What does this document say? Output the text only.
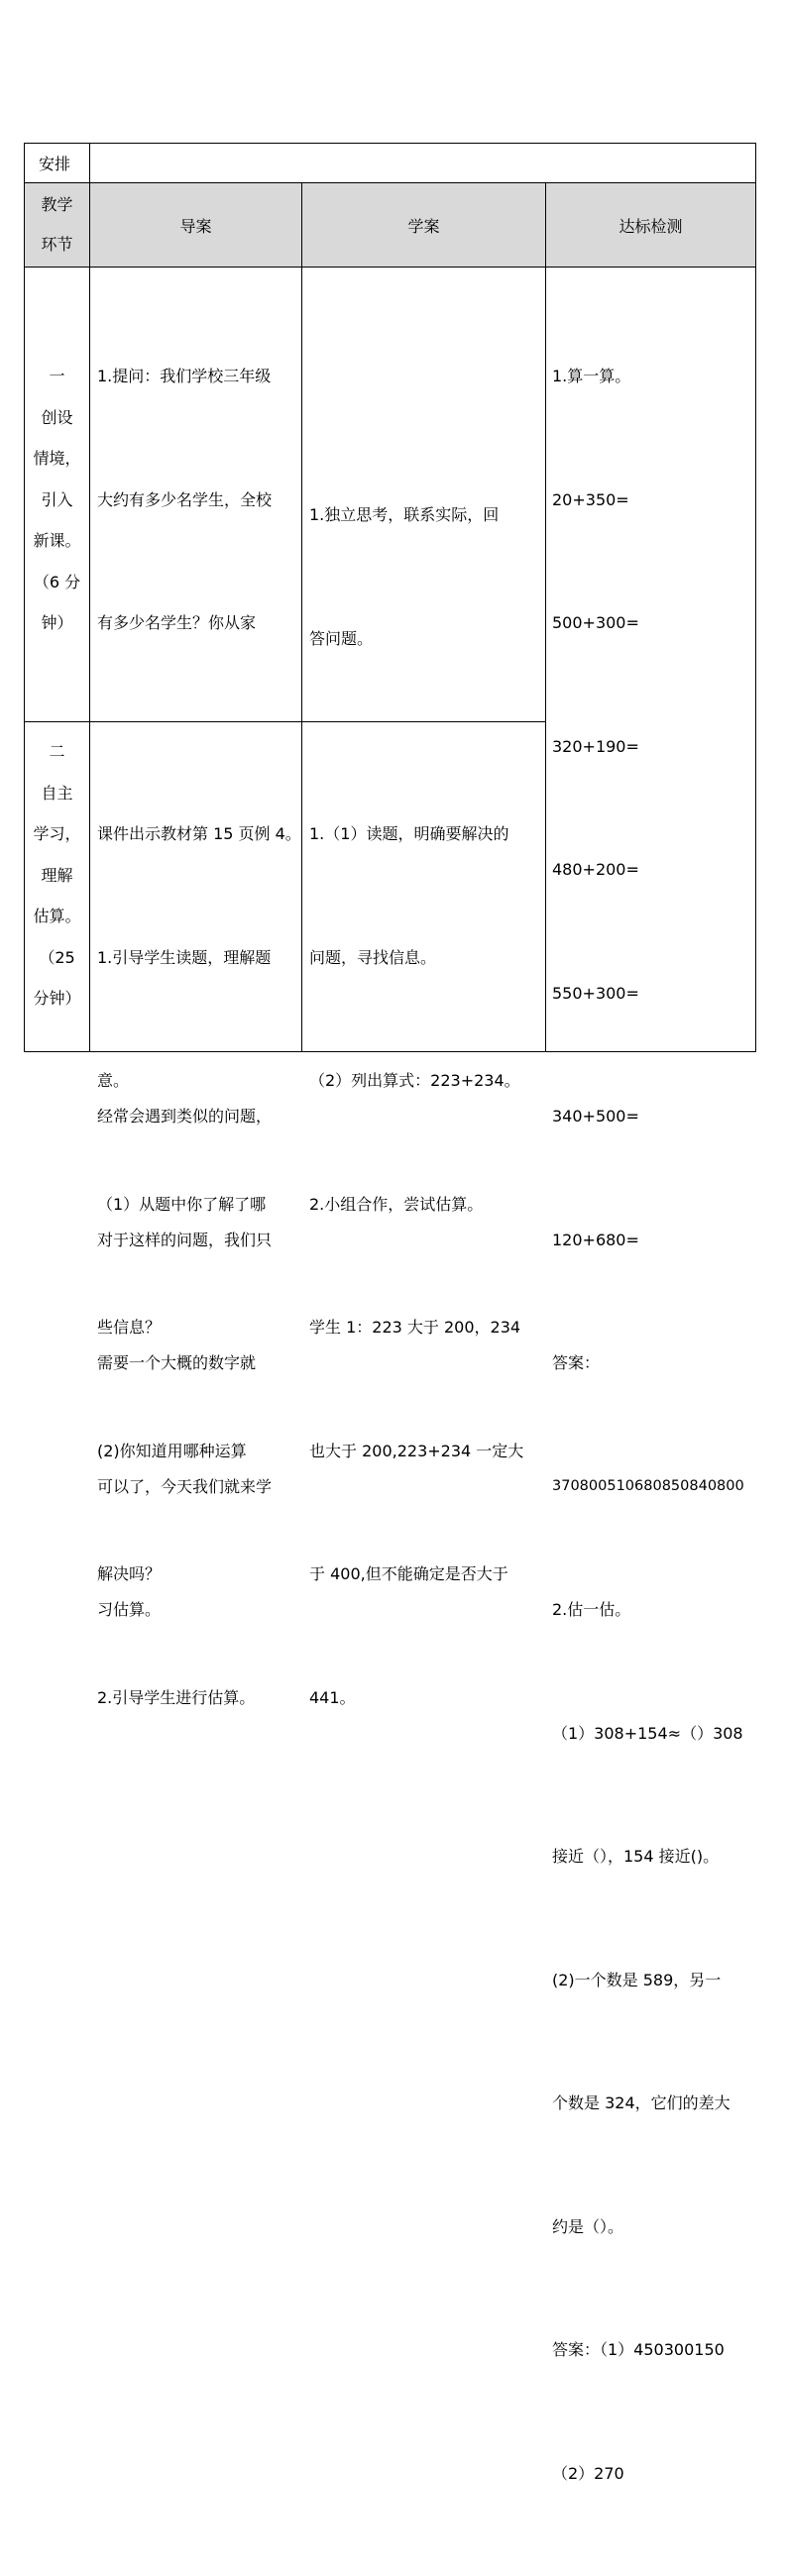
安排
教学
环节
导案	学案	达标检测
一
创设
情境，
引入
新课。
（6 分
钟）

1.提问：我们学校三年级

大约有多少名学生，全校

有多少名学生？你从家

经常会遇到类似的问题，

对于这样的问题，我们只

需要一个大概的数字就

可以了，今天我们就来学

习估算。

1.独立思考，联系实际，回

答问题。

1.算一算。

20+350=

500+300=

320+190=

480+200=

550+300=

340+500=

120+680=

答案：

370800510680850840800

2.估一估。

（1）308+154≈（）308

接近（），154 接近()。

(2)一个数是 589，另一

个数是 324，它们的差大

约是（）。

答案：（1）450300150

（2）270

二
自主
学习，
理解
估算。
（25
分钟）

课件出示教材第 15 页例 4。

1.引导学生读题，理解题

意。

（1）从题中你了解了哪

些信息？

(2)你知道用哪种运算

解决吗？

2.引导学生进行估算。

1.（1）读题，明确要解决的

问题，寻找信息。

（2）列出算式：223+234。

2.小组合作，尝试估算。

学生 1：223 大于 200，234

也大于 200,223+234 一定大

于 400,但不能确定是否大于

441。
